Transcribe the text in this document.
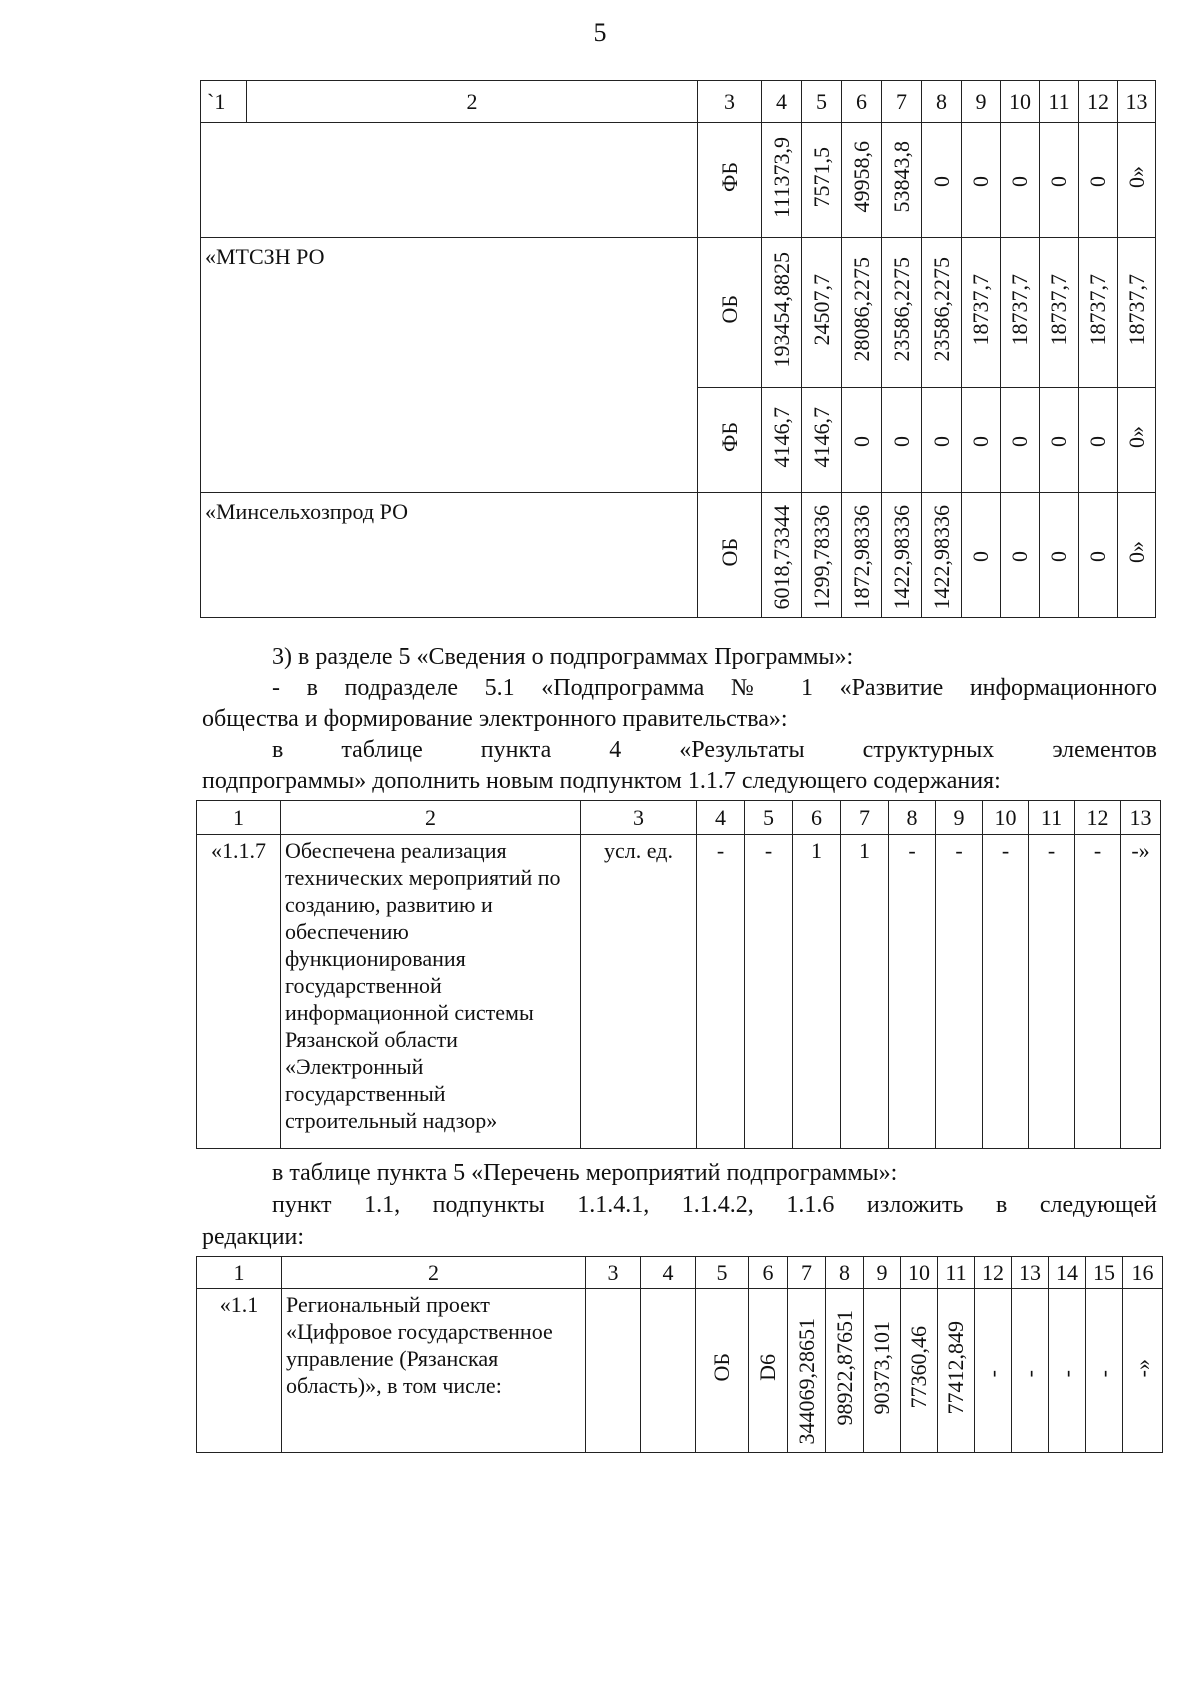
5
`1	2	3	4	5	6	7	8	9	10	11	12	13

		ФБ	111373,9	7571,5	49958,6	53843,8	0	0	0	0	0	0»

«МТСЗН РО		ОБ	193454,8825	24507,7	28086,2275	23586,2275	23586,2275	18737,7	18737,7	18737,7	18737,7	18737,7
		ФБ	4146,7	4146,7	0	0	0	0	0	0	0	0»

«Минсельхозпрод РО		ОБ	6018,73344	1299,78336	1872,98336	1422,98336	1422,98336	0	0	0	0	0»
3) в разделе 5 «Сведения о подпрограммах Программы»:
- в подразделе 5.1 «Подпрограмма № 1 «Развитие информационного
общества и формирование электронного правительства»:
в таблице пункта 4 «Результаты структурных элементов
подпрограммы» дополнить новым подпунктом 1.1.7 следующего содержания:
1	2	3	4	5	6	7	8	9	10	11	12	13
«1.1.7	Обеспечена реализация технических мероприятий по созданию, развитию и обеспечению функционирования государственной информационной системы Рязанской области «Электронный государственный строительный надзор»	усл. ед.	-	-	1	1	-	-	-	-	-	-»
в таблице пункта 5 «Перечень мероприятий подпрограммы»:
пункт 1.1, подпункты 1.1.4.1, 1.1.4.2, 1.1.6 изложить в следующей
редакции:
1	2	3	4	5	6	7	8	9	10	11	12	13	14	15	16
«1.1	Региональный проект «Цифровое государственное управление (Рязанская область)», в том числе:			ОБ	D6	344069,28651	98922,87651	90373,101	77360,46	77412,849	-	-	-	-	-»
